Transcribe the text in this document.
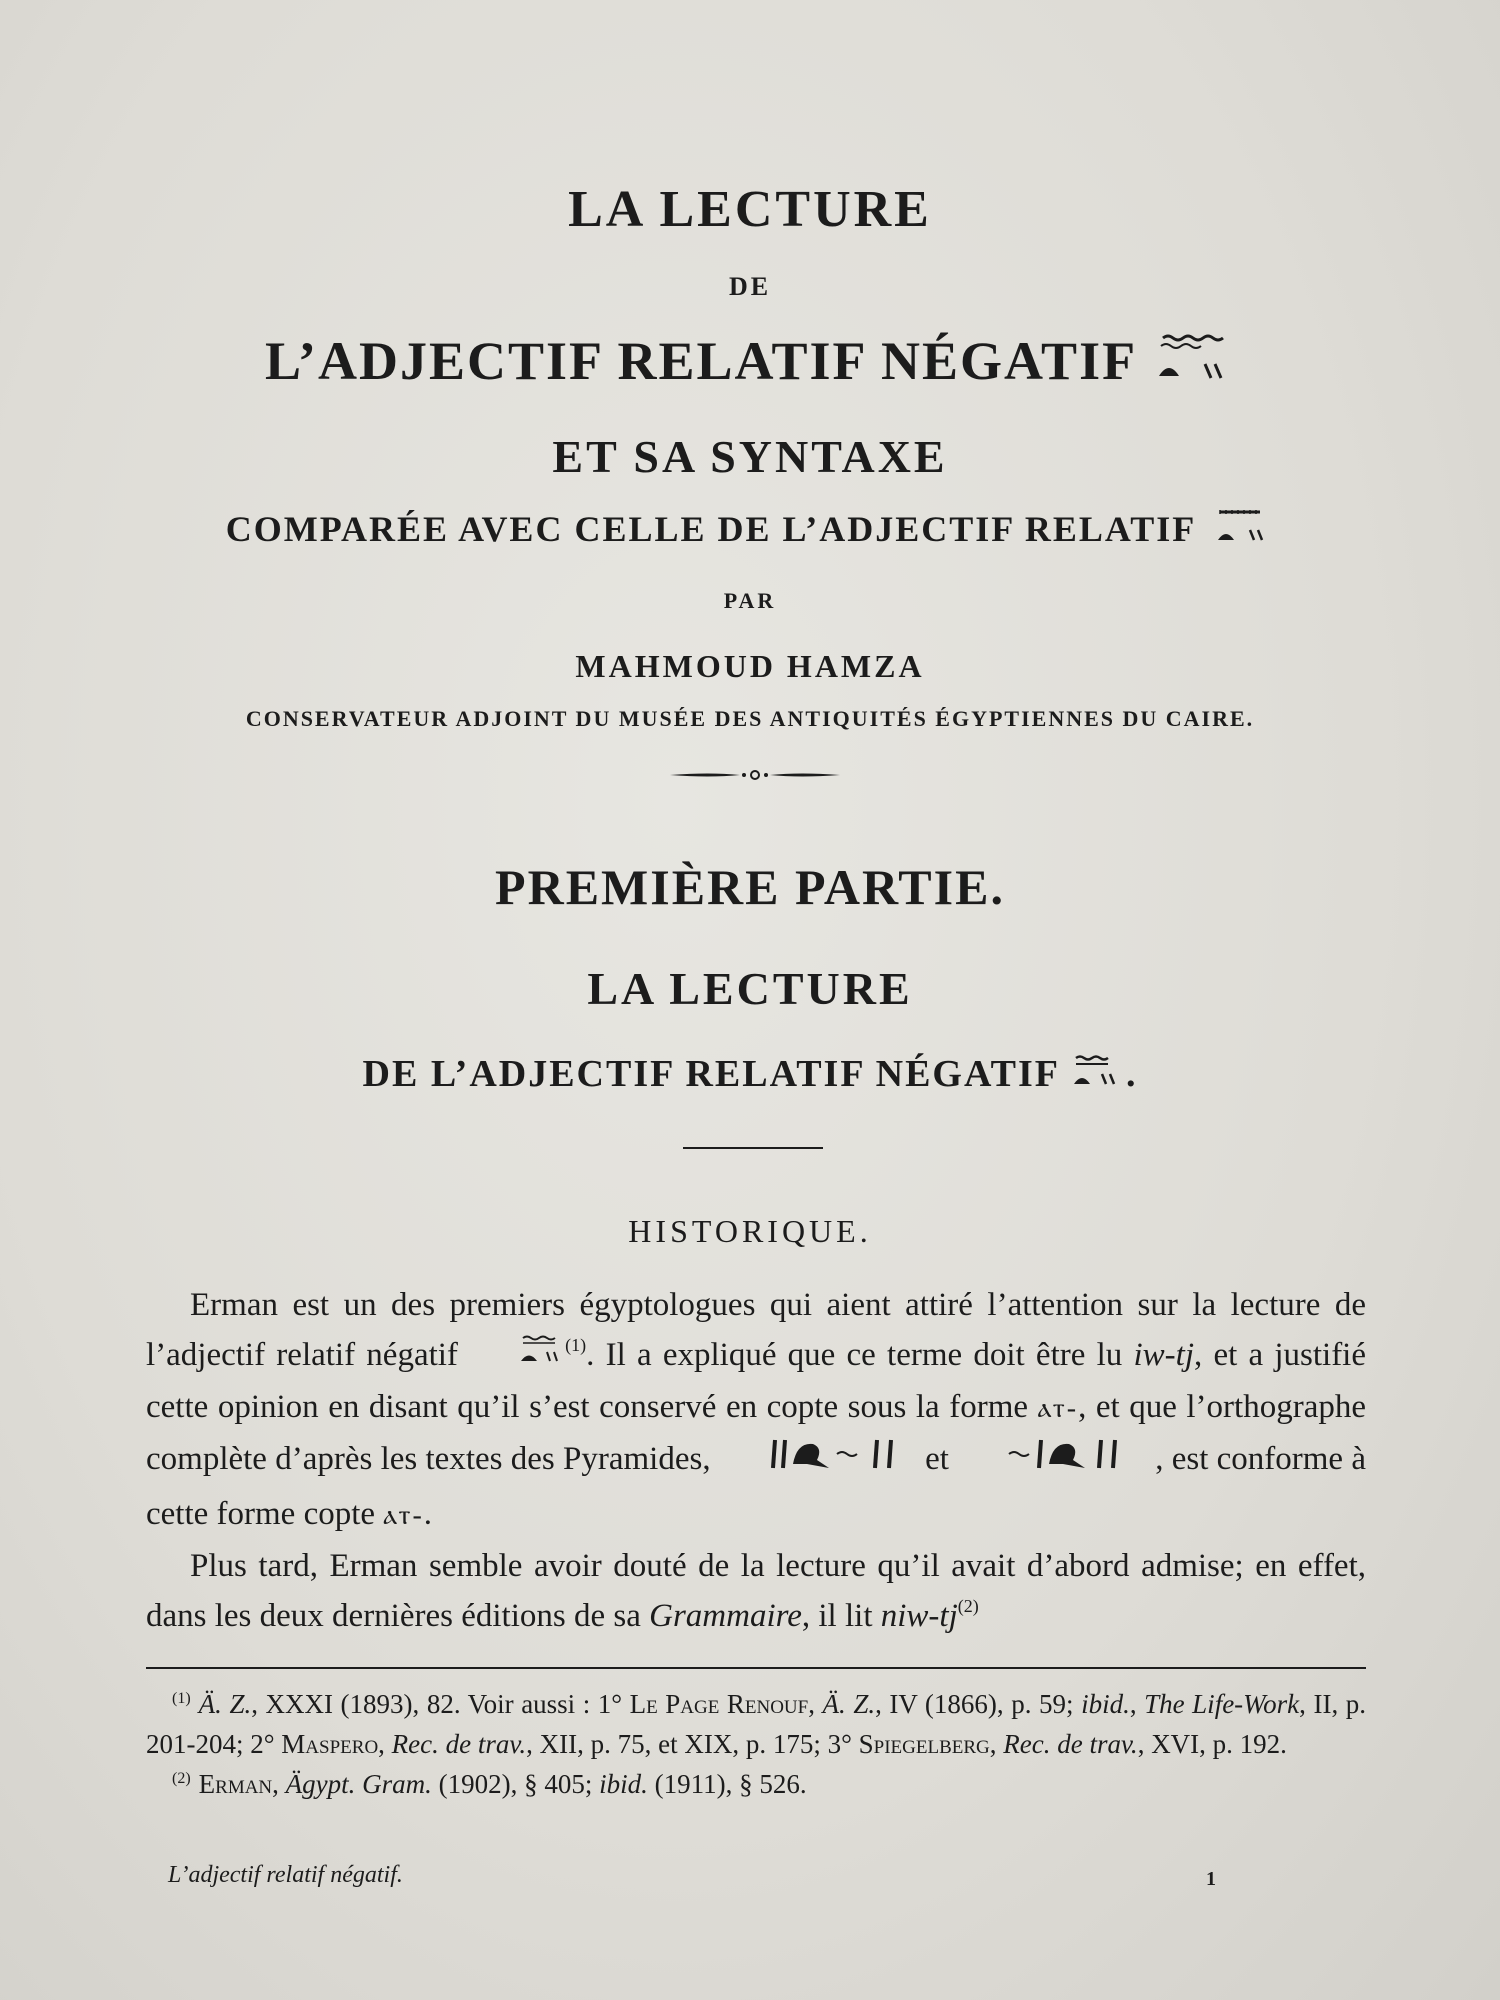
LA LECTURE
DE
L’ADJECTIF RELATIF NÉGATIF
ET SA SYNTAXE
COMPARÉE AVEC CELLE DE L’ADJECTIF RELATIF
PAR
MAHMOUD HAMZA
CONSERVATEUR ADJOINT DU MUSÉE DES ANTIQUITÉS ÉGYPTIENNES DU CAIRE.
PREMIÈRE PARTIE.
LA LECTURE
DE L’ADJECTIF RELATIF NÉGATIF .
HISTORIQUE.

Erman est un des premiers égyptologues qui aient attiré l’attention sur la lecture de l’adjectif relatif négatif	$^{(1)}$. Il a expliqué que ce terme doit être lu iw-tj, et a justifié cette opinion en disant qu’il s’est conservé en copte sous la forme ⲁⲧ-, et que l’orthographe complète d’après les textes des Pyramides,	et	, est conforme à cette forme copte ⲁⲧ-.

Plus tard, Erman semble avoir douté de la lecture qu’il avait d’abord admise; en effet, dans les deux dernières éditions de sa Grammaire, il lit niw-$tj^{(2)}$

$^{(1)}$ Ä. Z., XXXI (1893), 82. Voir aussi : 1° Le Page Renouf, Ä. Z., IV (1866), p. 59; ibid., The Life-Work, II, p. 201-204; 2° Maspero, Rec. de trav., XII, p. 75, et XIX, p. 175; 3° Spiegelberg, Rec. de trav., XVI, p. 192.

$^{(2)}$ Erman, Ägypt. Gram. (1902), § 405; ibid. (1911), § 526.

L’adjectif relatif négatif.	1
